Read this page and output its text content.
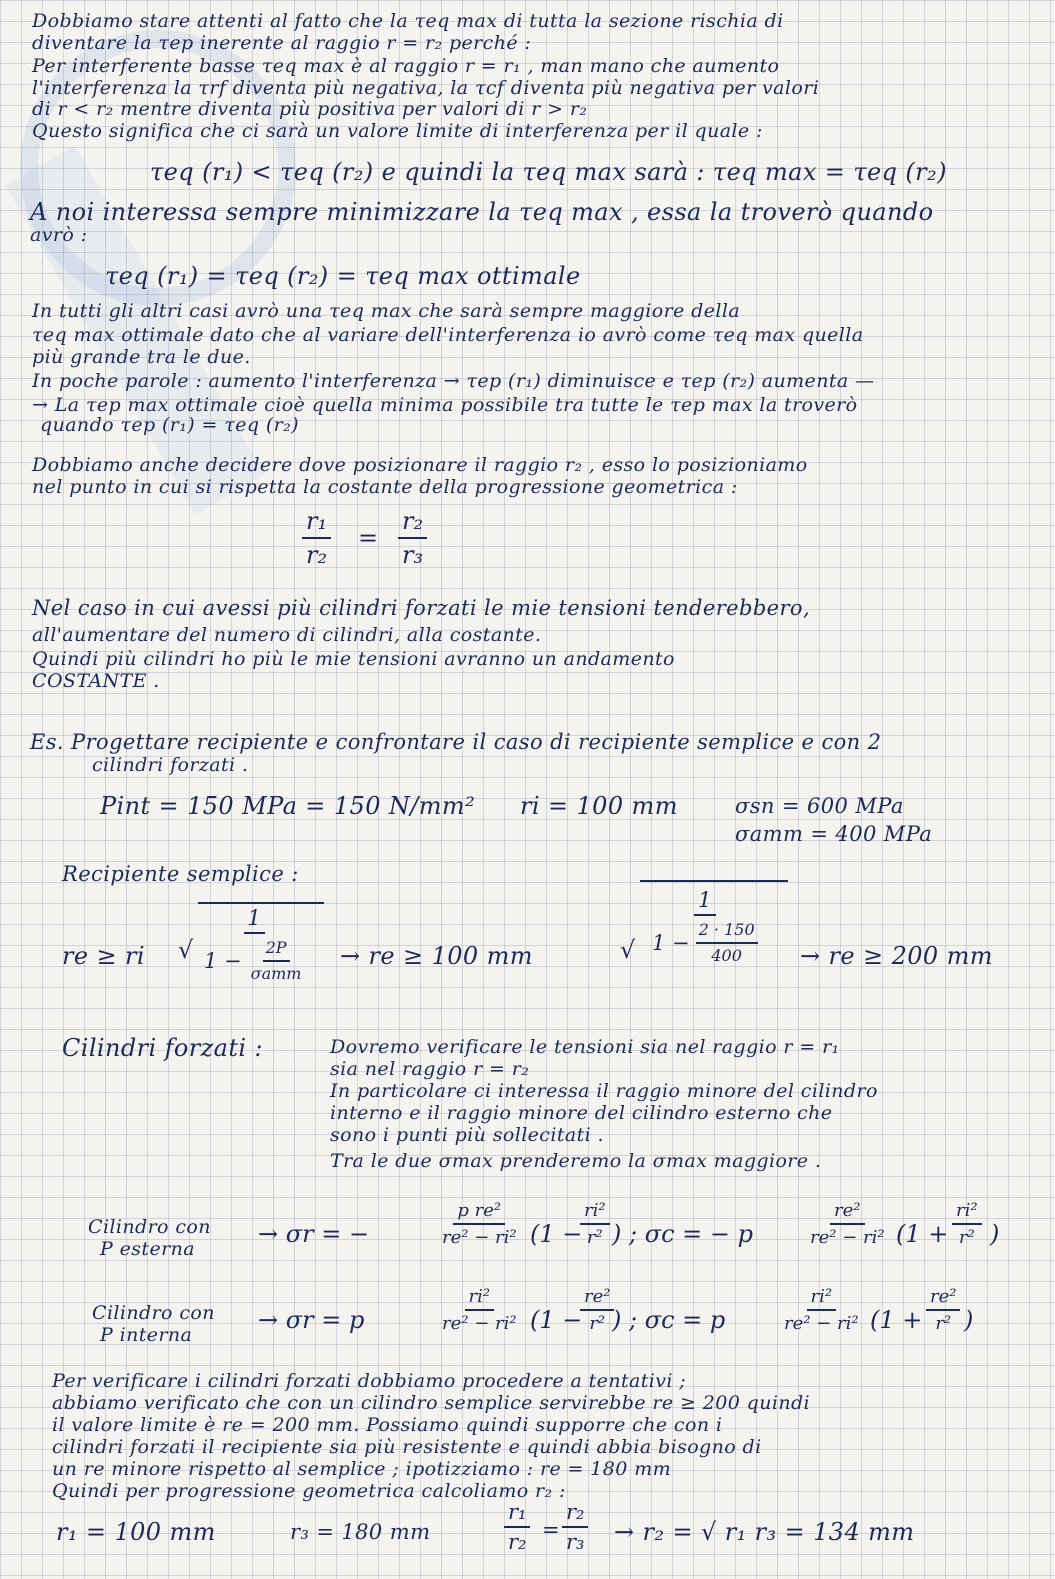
Dobbiamo stare attenti al fatto che la τeq max di tutta la sezione rischia di
diventare la τep inerente al raggio r = r₂ perché :
Per interferente basse τeq max è al raggio r = r₁ , man mano che aumento
l'interferenza la τrf diventa più negativa, la τcf diventa più negativa per valori
di r < r₂ mentre diventa più positiva per valori di r > r₂
Questo significa che ci sarà un valore limite di interferenza per il quale :
τeq (r₁) < τeq (r₂) e quindi la τeq max sarà : τeq max = τeq (r₂)
A noi interessa sempre minimizzare la τeq max , essa la troverò quando
avrò :
τeq (r₁) = τeq (r₂) = τeq max ottimale
In tutti gli altri casi avrò una τeq max che sarà sempre maggiore della
τeq max ottimale dato che al variare dell'interferenza io avrò come τeq max quella
più grande tra le due.
In poche parole : aumento l'interferenza → τep (r₁) diminuisce e τep (r₂) aumenta —
→ La τep max ottimale cioè quella minima possibile tra tutte le τep max la troverò
quando τep (r₁) = τeq (r₂)
Dobbiamo anche decidere dove posizionare il raggio r₂ , esso lo posizioniamo
nel punto in cui si rispetta la costante della progressione geometrica :
$\frac{\text{r₁}}{\text{r₂}} = \frac{\text{r₂}}{\text{r₃}}$
Nel caso in cui avessi più cilindri forzati le mie tensioni tenderebbero,
all'aumentare del numero di cilindri, alla costante.
Quindi più cilindri ho più le mie tensioni avranno un andamento
COSTANTE .
Es. Progettare recipiente e confrontare il caso di recipiente semplice e con 2
cilindri forzati .
Pint = 150 MPa = 150 N/mm² ri = 100 mm	σsn = 600 MPa
σamm = 400 MPa
Recipiente semplice :
re ≥ ri √
1
1 −
2P
σamm
→ re ≥ 100 mm	√ $\frac{1}{1 - \frac{2 \cdot 150}{400}}$ → re ≥ 200 mm
Cilindri forzati :	Dovremo verificare le tensioni sia nel raggio r = r₁
sia nel raggio r = r₂
In particolare ci interessa il raggio minore del cilindro
interno e il raggio minore del cilindro esterno che
sono i punti più sollecitati .
Tra le due σmax prenderemo la σmax maggiore .
Cilindro con
P esterna
→ σr = −	$\frac{\text{p re²}}{\text{re² − ri²}} (1$ −
$\frac{\text{ri²}}{\text{r²}}$ ) ; σc = − p	$\frac{\text{re²}}{\text{re² − ri²}} (1 + \frac{\text{ri²}}{\text{r²}}$ )
Cilindro con
P interna
→ σr = p	$\frac{\text{ri²}}{\text{re² − ri²}} (1$ −
$\frac{\text{re²}}{\text{r²}}$
) ; σc = p	$\frac{\text{ri²}}{\text{re² − ri²}} (1 + \frac{\text{re²}}{\text{r²}}$ )
Per verificare i cilindri forzati dobbiamo procedere a tentativi ;
abbiamo verificato che con un cilindro semplice servirebbe re ≥ 200 quindi
il valore limite è re = 200 mm. Possiamo quindi supporre che con i
cilindri forzati il recipiente sia più resistente e quindi abbia bisogno di
un re minore rispetto al semplice ; ipotizziamo : re = 180 mm
Quindi per progressione geometrica calcoliamo r₂ :
r₁ = 100 mm	r₃ = 180 mm	$\frac{\text{r₁}}{\text{r₂}} = \frac{\text{r₂}}{\text{r₃}} \to r_2$ = √ r₁ r₃ = 134 mm
